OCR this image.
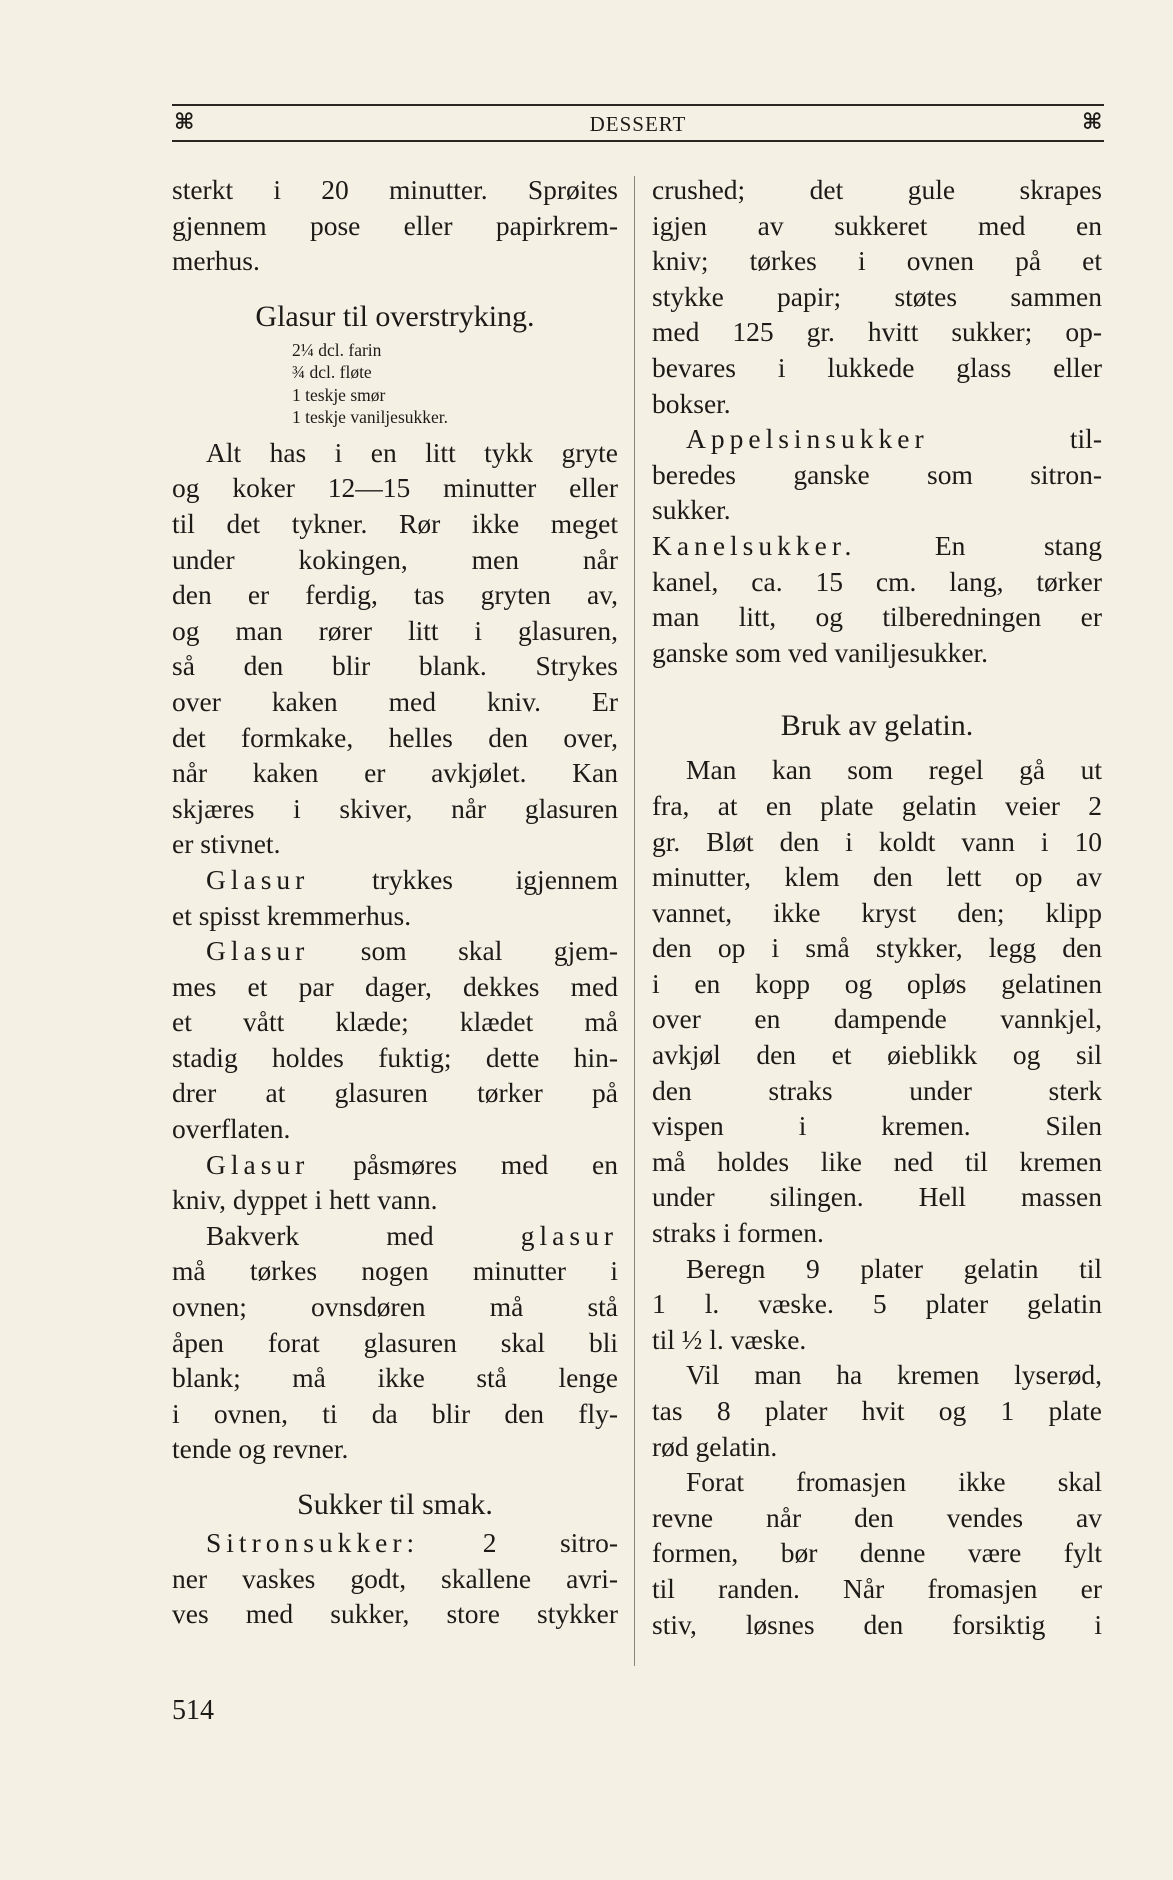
⌘	DESSERT	⌘
sterkt i 20 minutter. Sprøites
gjennem pose eller papirkrem-
merhus.
Glasur til overstryking.
2¼ dcl. farin
¾ dcl. fløte
1 teskje smør
1 teskje vaniljesukker.
Alt has i en litt tykk gryte
og koker 12—15 minutter eller
til det tykner. Rør ikke meget
under kokingen, men når
den er ferdig, tas gryten av,
og man rører litt i glasuren,
så den blir blank. Strykes
over kaken med kniv. Er
det formkake, helles den over,
når kaken er avkjølet. Kan
skjæres i skiver, når glasuren
er stivnet.
Glasur trykkes igjennem
et spisst kremmerhus.
Glasur som skal gjem-
mes et par dager, dekkes med
et vått klæde; klædet må
stadig holdes fuktig; dette hin-
drer at glasuren tørker på
overflaten.
Glasur påsmøres med en
kniv, dyppet i hett vann.
Bakverk med	glasur
må tørkes nogen minutter i
ovnen; ovnsdøren må stå
åpen forat glasuren skal bli
blank; må ikke stå lenge
i ovnen, ti da blir den fly-
tende og revner.
Sukker til smak.
Sitronsukker: 2 sitro-
ner vaskes godt, skallene avri-
ves med sukker, store stykker
crushed; det gule skrapes
igjen av sukkeret med en
kniv; tørkes i ovnen på et
stykke papir; støtes sammen
med 125 gr. hvitt sukker; op-
bevares i lukkede glass eller
bokser.
Appelsinsukker	til-
beredes ganske som sitron-
sukker.
Kanelsukker.	En stang
kanel, ca. 15 cm. lang, tørker
man litt, og tilberedningen er
ganske som ved vaniljesukker.
Bruk av gelatin.
Man kan som regel gå ut
fra, at en plate gelatin veier 2
gr. Bløt den i koldt vann i 10
minutter, klem den lett op av
vannet, ikke kryst den; klipp
den op i små stykker, legg den
i en kopp og opløs gelatinen
over en dampende vannkjel,
avkjøl den et øieblikk og sil
den straks under sterk
vispen i kremen. Silen
må holdes like ned til kremen
under silingen. Hell massen
straks i formen.
Beregn 9 plater gelatin til
1 l. væske. 5 plater gelatin
til ½ l. væske.
Vil man ha kremen lyserød,
tas 8 plater hvit og 1 plate
rød gelatin.
Forat fromasjen ikke skal
revne når den vendes av
formen, bør denne være fylt
til randen. Når fromasjen er
stiv, løsnes den forsiktig i
514
